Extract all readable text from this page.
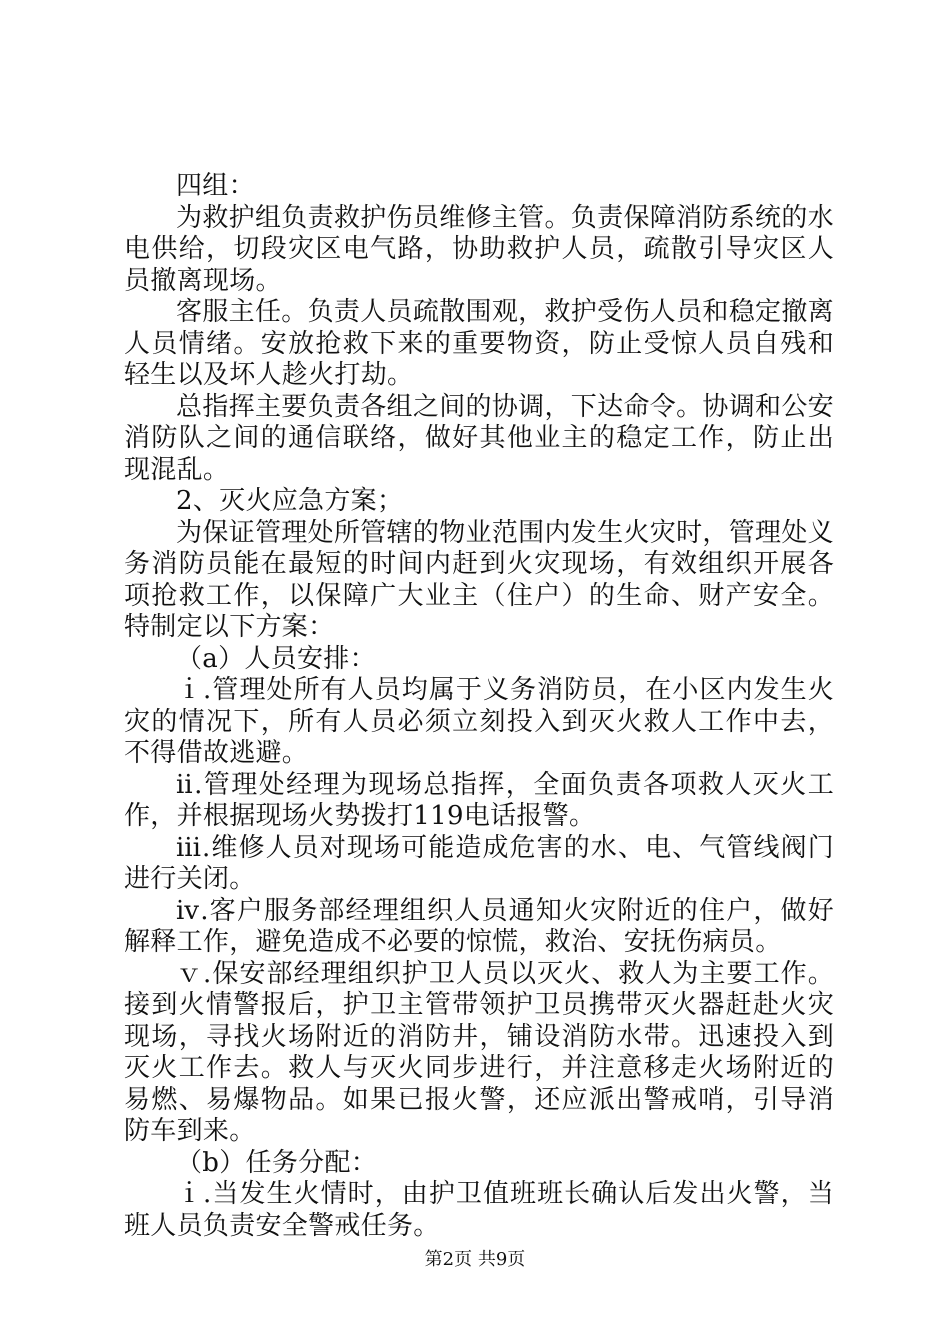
四组：

为救护组负责救护伤员维修主管。负责保障消防系统的水电供给，切段灾区电气路，协助救护人员，疏散引导灾区人员撤离现场。

客服主任。负责人员疏散围观，救护受伤人员和稳定撤离人员情绪。安放抢救下来的重要物资，防止受惊人员自残和轻生以及坏人趁火打劫。

总指挥主要负责各组之间的协调，下达命令。协调和公安消防队之间的通信联络，做好其他业主的稳定工作，防止出现混乱。

2、灭火应急方案；

为保证管理处所管辖的物业范围内发生火灾时，管理处义务消防员能在最短的时间内赶到火灾现场，有效组织开展各项抢救工作，以保障广大业主（住户）的生命、财产安全。特制定以下方案：

（a）人员安排：

ｉ.管理处所有人员均属于义务消防员，在小区内发生火灾的情况下，所有人员必须立刻投入到灭火救人工作中去，不得借故逃避。

ⅱ.管理处经理为现场总指挥，全面负责各项救人灭火工作，并根据现场火势拨打119电话报警。

ⅲ.维修人员对现场可能造成危害的水、电、气管线阀门进行关闭。

ⅳ.客户服务部经理组织人员通知火灾附近的住户，做好解释工作，避免造成不必要的惊慌，救治、安抚伤病员。

ｖ.保安部经理组织护卫人员以灭火、救人为主要工作。接到火情警报后，护卫主管带领护卫员携带灭火器赶赴火灾现场，寻找火场附近的消防井，铺设消防水带。迅速投入到灭火工作去。救人与灭火同步进行，并注意移走火场附近的易燃、易爆物品。如果已报火警，还应派出警戒哨，引导消防车到来。

（b）任务分配：

ｉ.当发生火情时，由护卫值班班长确认后发出火警，当班人员负责安全警戒任务。

第2页 共9页
